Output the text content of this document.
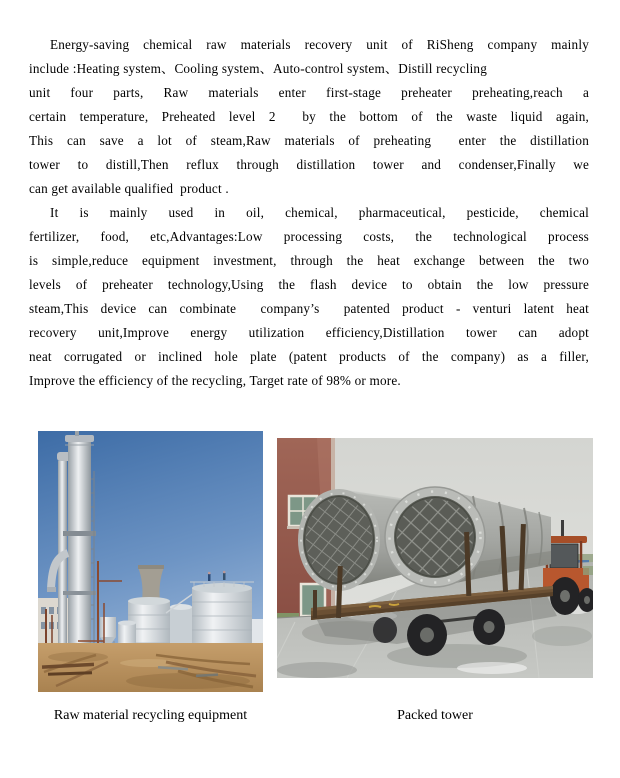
Energy-saving chemical raw materials recovery unit of RiSheng company mainly
include :Heating system、Cooling system、Auto-control system、Distill recycling
unit four parts, Raw materials enter first-stage preheater preheating,reach a
certain temperature, Preheated level 2  by the bottom of the waste liquid again,
This can save a lot of steam,Raw materials of preheating  enter the distillation
tower to distill,Then reflux through distillation tower and condenser,Finally we
can get available qualified  product .
It is mainly used in oil, chemical, pharmaceutical, pesticide, chemical
fertilizer, food, etc,Advantages:Low processing costs, the technological process
is simple,reduce equipment investment, through the heat exchange between the two
levels of preheater technology,Using the flash device to obtain the low pressure
steam,This device can combinate  company’s  patented product - venturi latent heat
recovery unit,Improve energy utilization efficiency,Distillation tower can adopt
neat corrugated or inclined hole plate (patent products of the company) as a filler,
Improve the efficiency of the recycling, Target rate of 98% or more.
Raw material recycling equipment	Packed tower
